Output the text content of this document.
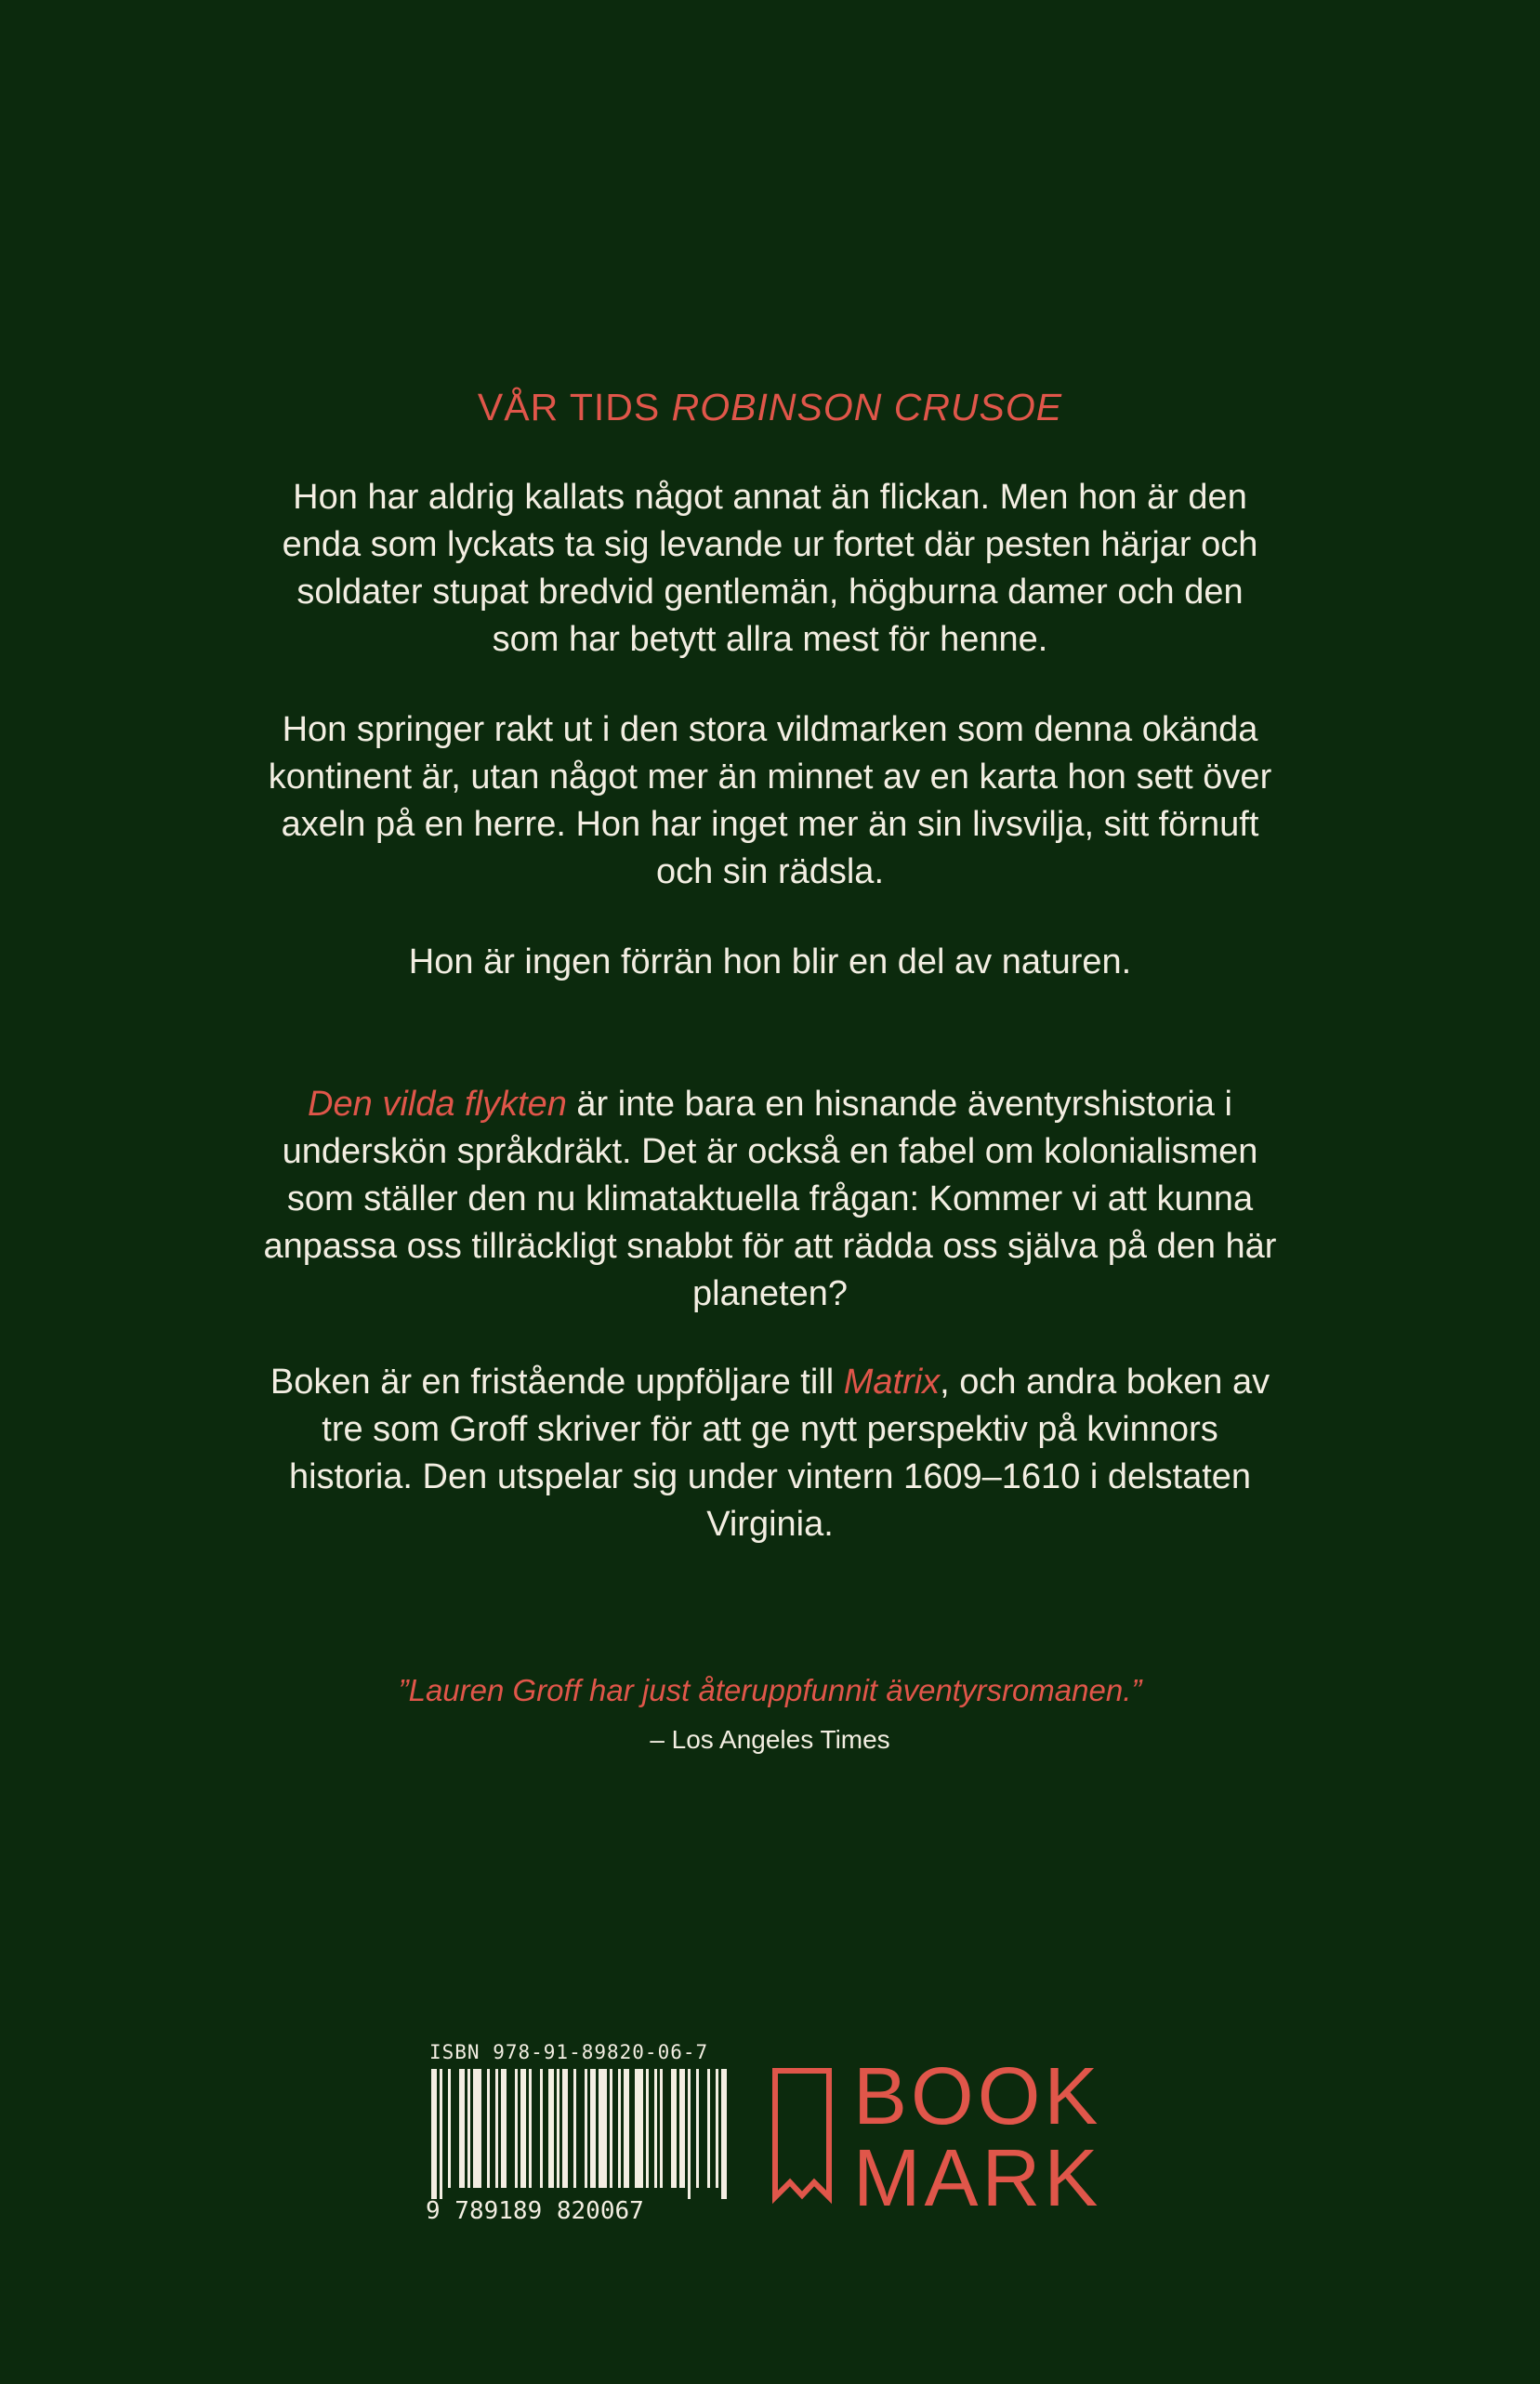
VÅR TIDS ROBINSON CRUSOE

Hon har aldrig kallats något annat än flickan. Men hon är den enda som lyckats ta sig levande ur fortet där pesten härjar och soldater stupat bredvid gentlemän, högburna damer och den som har betytt allra mest för henne.

Hon springer rakt ut i den stora vildmarken som denna okända kontinent är, utan något mer än minnet av en karta hon sett över axeln på en herre. Hon har inget mer än sin livsvilja, sitt förnuft och sin rädsla.

Hon är ingen förrän hon blir en del av naturen.

Den vilda flykten är inte bara en hisnande äventyrshistoria i underskön språkdräkt. Det är också en fabel om kolonialismen som ställer den nu klimataktuella frågan: Kommer vi att kunna anpassa oss tillräckligt snabbt för att rädda oss själva på den här planeten?

Boken är en fristående uppföljare till Matrix, och andra boken av tre som Groff skriver för att ge nytt perspektiv på kvinnors historia. Den utspelar sig under vintern 1609–1610 i delstaten Virginia.

”Lauren Groff har just återuppfunnit äventyrsromanen.”
– Los Angeles Times
ISBN 978-91-89820-06-7
9 789189 820067
BOOK
MARK
